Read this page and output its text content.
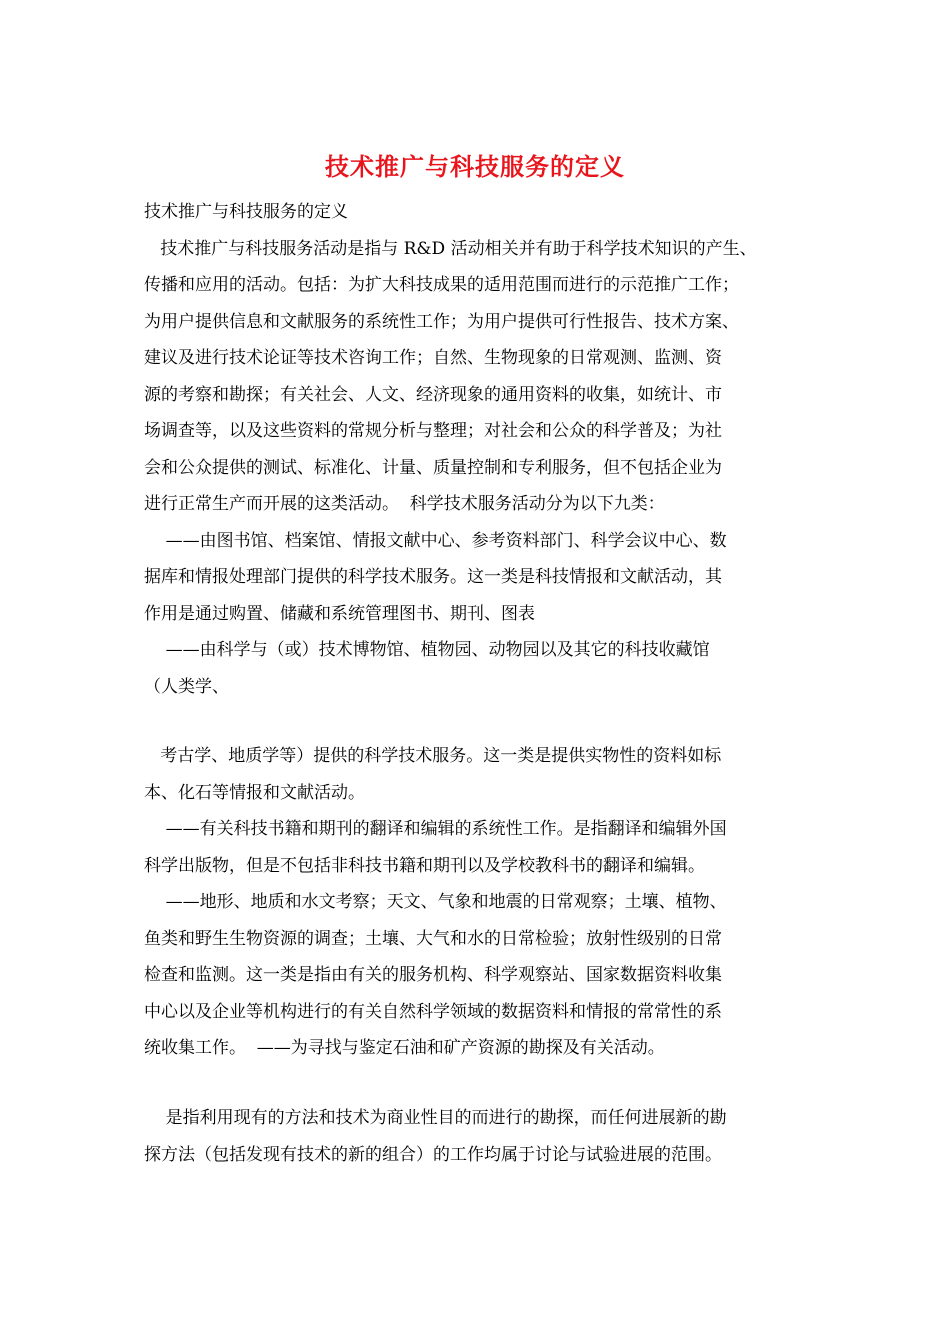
技术推广与科技服务的定义
技术推广与科技服务的定义
技术推广与科技服务活动是指与 R&D 活动相关并有助于科学技术知识的产生、
传播和应用的活动。包括：为扩大科技成果的适用范围而进行的示范推广工作；
为用户提供信息和文献服务的系统性工作；为用户提供可行性报告、技术方案、
建议及进行技术论证等技术咨询工作；自然、生物现象的日常观测、监测、资
源的考察和勘探；有关社会、人文、经济现象的通用资料的收集，如统计、市
场调查等，以及这些资料的常规分析与整理；对社会和公众的科学普及；为社
会和公众提供的测试、标准化、计量、质量控制和专利服务，但不包括企业为
进行正常生产而开展的这类活动。  科学技术服务活动分为以下九类：
——由图书馆、档案馆、情报文献中心、参考资料部门、科学会议中心、数
据库和情报处理部门提供的科学技术服务。这一类是科技情报和文献活动，其
作用是通过购置、储藏和系统管理图书、期刊、图表
——由科学与（或）技术博物馆、植物园、动物园以及其它的科技收藏馆
（人类学、
考古学、地质学等）提供的科学技术服务。这一类是提供实物性的资料如标
本、化石等情报和文献活动。
——有关科技书籍和期刊的翻译和编辑的系统性工作。是指翻译和编辑外国
科学出版物，但是不包括非科技书籍和期刊以及学校教科书的翻译和编辑。
——地形、地质和水文考察；天文、气象和地震的日常观察；土壤、植物、
鱼类和野生生物资源的调查；土壤、大气和水的日常检验；放射性级别的日常
检查和监测。这一类是指由有关的服务机构、科学观察站、国家数据资料收集
中心以及企业等机构进行的有关自然科学领域的数据资料和情报的常常性的系
统收集工作。  ——为寻找与鉴定石油和矿产资源的勘探及有关活动。
是指利用现有的方法和技术为商业性目的而进行的勘探，而任何进展新的勘
探方法（包括发现有技术的新的组合）的工作均属于讨论与试验进展的范围。
